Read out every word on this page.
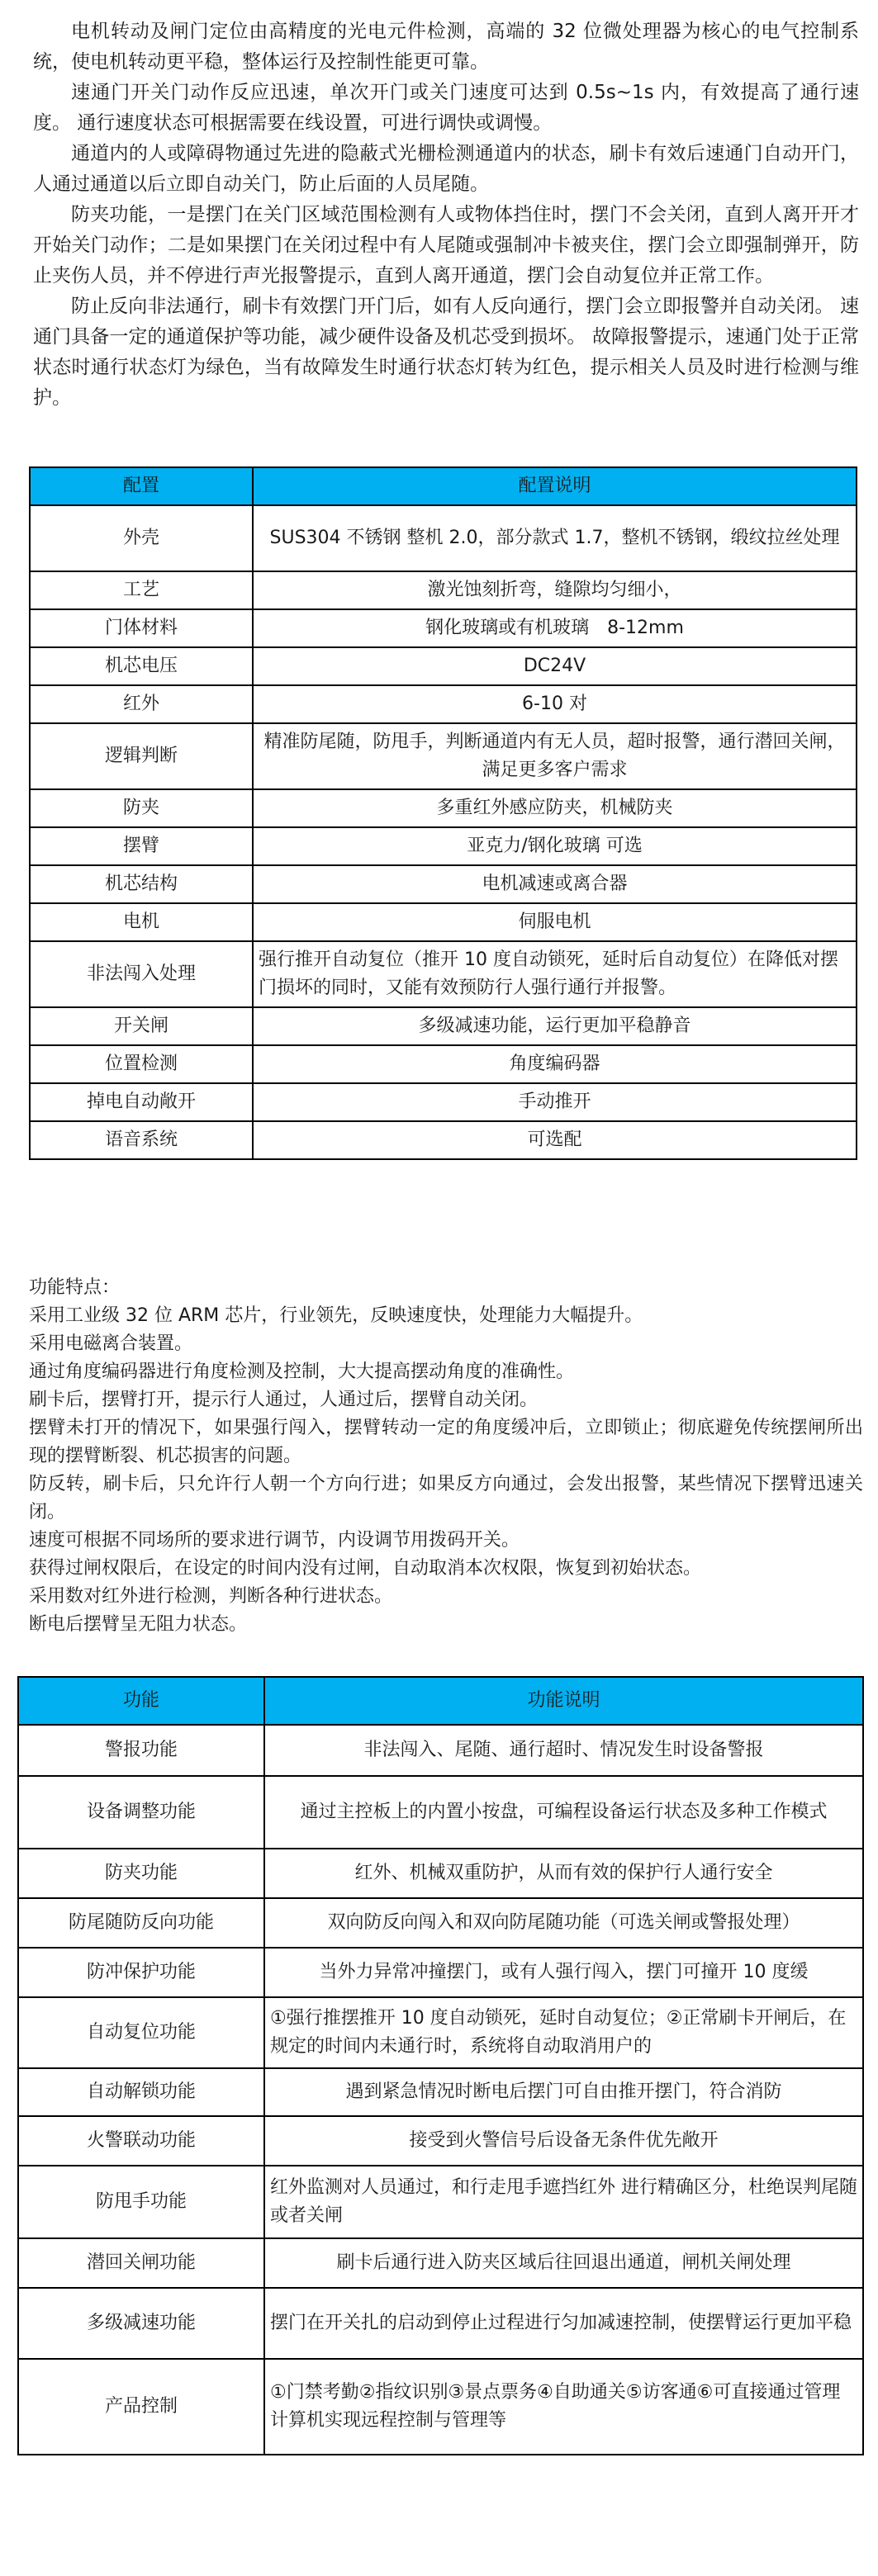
电机转动及闸门定位由高精度的光电元件检测，高端的 32 位微处理器为核心的电气控制系统，使电机转动更平稳，整体运行及控制性能更可靠。

速通门开关门动作反应迅速，单次开门或关门速度可达到 0.5s~1s 内，有效提高了通行速度。 通行速度状态可根据需要在线设置，可进行调快或调慢。

通道内的人或障碍物通过先进的隐蔽式光栅检测通道内的状态，刷卡有效后速通门自动开门，人通过通道以后立即自动关门，防止后面的人员尾随。

防夹功能，一是摆门在关门区域范围检测有人或物体挡住时，摆门不会关闭，直到人离开开才开始关门动作；二是如果摆门在关闭过程中有人尾随或强制冲卡被夹住，摆门会立即强制弹开，防止夹伤人员，并不停进行声光报警提示，直到人离开通道，摆门会自动复位并正常工作。

防止反向非法通行，刷卡有效摆门开门后，如有人反向通行，摆门会立即报警并自动关闭。 速通门具备一定的通道保护等功能，减少硬件设备及机芯受到损坏。 故障报警提示，速通门处于正常状态时通行状态灯为绿色，当有故障发生时通行状态灯转为红色，提示相关人员及时进行检测与维护。

配置	配置说明
外壳	SUS304 不锈钢 整机 2.0，部分款式 1.7，整机不锈钢，缎纹拉丝处理
工艺	激光蚀刻折弯，缝隙均匀细小，
门体材料	钢化玻璃或有机玻璃　8-12mm
机芯电压	DC24V
红外	6-10 对
逻辑判断	精准防尾随，防甩手，判断通道内有无人员，超时报警，通行潜回关闸，满足更多客户需求
防夹	多重红外感应防夹，机械防夹
摆臂	亚克力/钢化玻璃 可选
机芯结构	电机减速或离合器
电机	伺服电机
非法闯入处理	强行推开自动复位（推开 10 度自动锁死，延时后自动复位）在降低对摆门损坏的同时，又能有效预防行人强行通行并报警。
开关闸	多级减速功能，运行更加平稳静音
位置检测	角度编码器
掉电自动敞开	手动推开
语音系统	可选配

功能特点：

采用工业级 32 位 ARM 芯片，行业领先，反映速度快，处理能力大幅提升。

采用电磁离合装置。

通过角度编码器进行角度检测及控制，大大提高摆动角度的准确性。

刷卡后，摆臂打开，提示行人通过，人通过后，摆臂自动关闭。

摆臂未打开的情况下，如果强行闯入，摆臂转动一定的角度缓冲后，立即锁止；彻底避免传统摆闸所出现的摆臂断裂、机芯损害的问题。

防反转，刷卡后，只允许行人朝一个方向行进；如果反方向通过，会发出报警，某些情况下摆臂迅速关闭。

速度可根据不同场所的要求进行调节，内设调节用拨码开关。

获得过闸权限后，在设定的时间内没有过闸，自动取消本次权限，恢复到初始状态。

采用数对红外进行检测，判断各种行进状态。

断电后摆臂呈无阻力状态。

功能	功能说明
警报功能	非法闯入、尾随、通行超时、情况发生时设备警报
设备调整功能	通过主控板上的内置小按盘，可编程设备运行状态及多种工作模式
防夹功能	红外、机械双重防护，从而有效的保护行人通行安全
防尾随防反向功能	双向防反向闯入和双向防尾随功能（可选关闸或警报处理）
防冲保护功能	当外力异常冲撞摆门，或有人强行闯入，摆门可撞开 10 度缓
自动复位功能	①强行推摆推开 10 度自动锁死，延时自动复位；②正常刷卡开闸后，在规定的时间内未通行时，系统将自动取消用户的
自动解锁功能	遇到紧急情况时断电后摆门可自由推开摆门，符合消防
火警联动功能	接受到火警信号后设备无条件优先敞开
防甩手功能	红外监测对人员通过，和行走甩手遮挡红外 进行精确区分，杜绝误判尾随或者关闸
潜回关闸功能	刷卡后通行进入防夹区域后往回退出通道，闸机关闸处理
多级减速功能	摆门在开关扎的启动到停止过程进行匀加减速控制，使摆臂运行更加平稳
产品控制	①门禁考勤②指纹识别③景点票务④自助通关⑤访客通⑥可直接通过管理计算机实现远程控制与管理等
